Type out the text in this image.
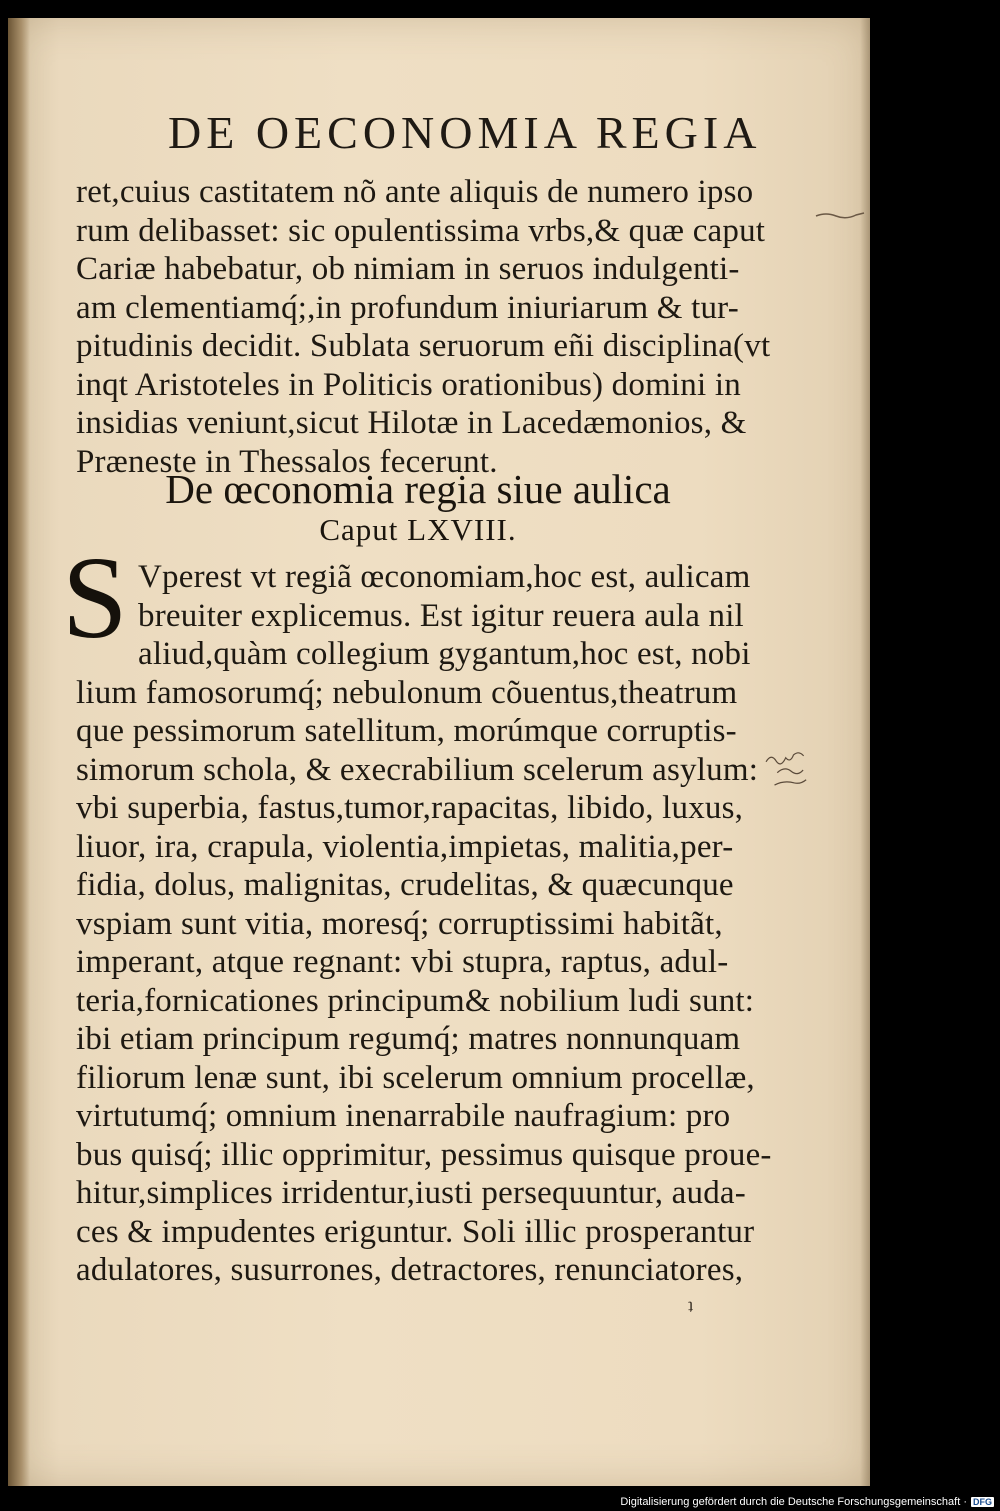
DE OECONOMIA REGIA
ret,cuius castitatem nõ ante aliquis de numero ipso
rum delibasset: sic opulentissima vrbs,& quæ caput
Cariæ habebatur, ob nimiam in seruos indulgenti-
am clementiamq́;,in profundum iniuriarum & tur-
pitudinis decidit. Sublata seruorum eñi disciplina(vt
inqt Aristoteles in Politicis orationibus) domini in
insidias veniunt,sicut Hilotæ in Lacedæmonios, &
Præneste in Thessalos fecerunt.
De œconomia regia siue aulica
Caput LXVIII.
S Vperest vt regiã œconomiam,hoc est, aulicam
breuiter explicemus. Est igitur reuera aula nil
aliud,quàm collegium gygantum,hoc est, nobi
lium famosorumq́; nebulonum cõuentus,theatrum
que pessimorum satellitum, morúmque corruptis-
simorum schola, & execrabilium scelerum asylum:
vbi superbia, fastus,tumor,rapacitas, libido, luxus,
liuor, ira, crapula, violentia,impietas, malitia,per-
fidia, dolus, malignitas, crudelitas, & quæcunque
vspiam sunt vitia, moresq́; corruptissimi habitãt,
imperant, atque regnant: vbi stupra, raptus, adul-
teria,fornicationes principum& nobilium ludi sunt:
ibi etiam principum regumq́; matres nonnunquam
filiorum lenæ sunt, ibi scelerum omnium procellæ,
virtutumq́; omnium inenarrabile naufragium: pro
bus quisq́; illic opprimitur, pessimus quisque proue-
hitur,simplices irridentur,iusti persequuntur, auda-
ces & impudentes eriguntur. Soli illic prosperantur
adulatores, susurrones, detractores, renunciatores,
ʇ
Digitalisierung gefördert durch die Deutsche Forschungsgemeinschaft · DFG
